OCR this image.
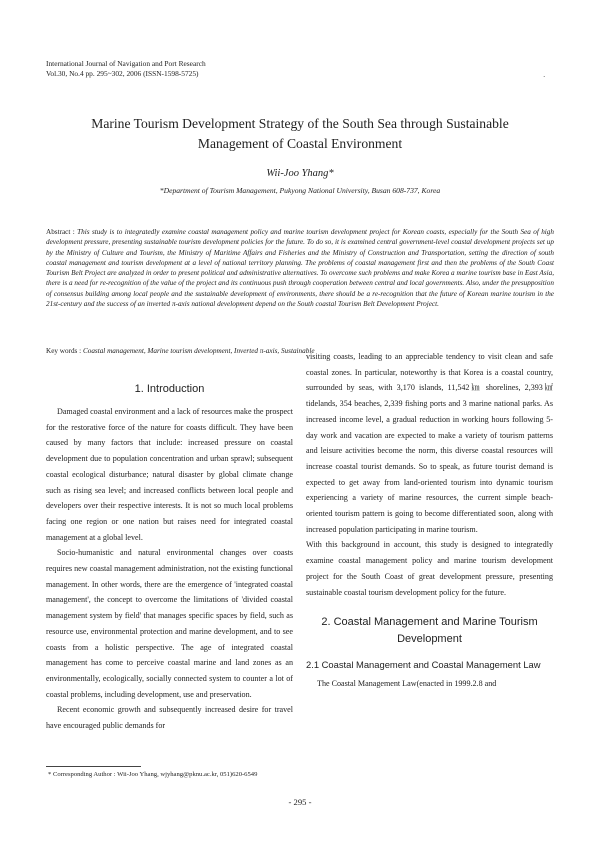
International Journal of Navigation and Port Research
Vol.30, No.4 pp. 295~302, 2006 (ISSN-1598-5725)	·
Marine Tourism Development Strategy of the South Sea through Sustainable
Management of Coastal Environment
Wii-Joo Yhang*
*Department of Tourism Management, Pukyong National University, Busan 608-737, Korea
Abstract : This study is to integratedly examine coastal management policy and marine tourism development project for Korean coasts, especially for the South Sea of high development pressure, presenting sustainable tourism development policies for the future. To do so, it is examined central government-level coastal development projects set up by the Ministry of Culture and Tourism, the Ministry of Maritime Affairs and Fisheries and the Ministry of Construction and Transportation, setting the direction of south coastal management and tourism development at a level of national territory planning. The problems of coastal management first and then the problems of the South Coast Tourism Belt Project are analyzed in order to present political and administrative alternatives. To overcome such problems and make Korea a marine tourism base in East Asia, there is a need for re-recognition of the value of the project and its continuous push through cooperation between central and local governments. Also, under the presupposition of consensus building among local people and the sustainable development of environments, there should be a re-recognition that the future of Korean marine tourism in the 21st-century and the success of an inverted π-axis national development depend on the South coastal Tourism Belt Development Project.
Key words : Coastal management, Marine tourism development, Inverted π-axis, Sustainable
1. Introduction

Damaged coastal environment and a lack of resources make the prospect for the restorative force of the nature for coasts difficult. They have been caused by many factors that include: increased pressure on coastal development due to population concentration and urban sprawl; subsequent coastal ecological disturbance; natural disaster by global climate change such as rising sea level; and increased conflicts between local people and developers over their respective interests. It is not so much local problems facing one region or one nation but raises need for integrated coastal management at a global level.

Socio-humanistic and natural environmental changes over coasts requires new coastal management administration, not the existing functional management. In other words, there are the emergence of 'integrated coastal management', the concept to overcome the limitations of 'divided coastal management system by field' that manages specific spaces by field, such as resource use, environmental protection and marine development, and to see coasts from a holistic perspective. The age of integrated coastal management has come to perceive coastal marine and land zones as an environmentally, ecologically, socially connected system to counter a lot of coastal problems, including development, use and preservation.

Recent economic growth and subsequently increased desire for travel have encouraged public demands for

visiting coasts, leading to an appreciable tendency to visit clean and safe coastal zones. In particular, noteworthy is that Korea is a coastal country, surrounded by seas, with 3,170 islands, 11,542㎞ shorelines, 2,393㎢ tidelands, 354 beaches, 2,339 fishing ports and 3 marine national parks. As increased income level, a gradual reduction in working hours following 5-day work and vacation are expected to make a variety of tourism patterns and leisure activities become the norm, this diverse coastal resources will increase coastal tourist demands. So to speak, as future tourist demand is expected to get away from land-oriented tourism into dynamic tourism experiencing a variety of marine resources, the current simple beach-oriented tourism pattern is going to become differentiated soon, along with increased population participating in marine tourism.

With this background in account, this study is designed to integratedly examine coastal management policy and marine tourism development project for the South Coast of great development pressure, presenting sustainable coastal tourism development policy for the future.

2. Coastal Management and Marine Tourism Development
2.1 Coastal Management and Coastal Management Law

The Coastal Management Law(enacted in 1999.2.8 and

* Corresponding Author : Wii-Joo Yhang, wjyhang@pknu.ac.kr, 051)620-6549
- 295 -
